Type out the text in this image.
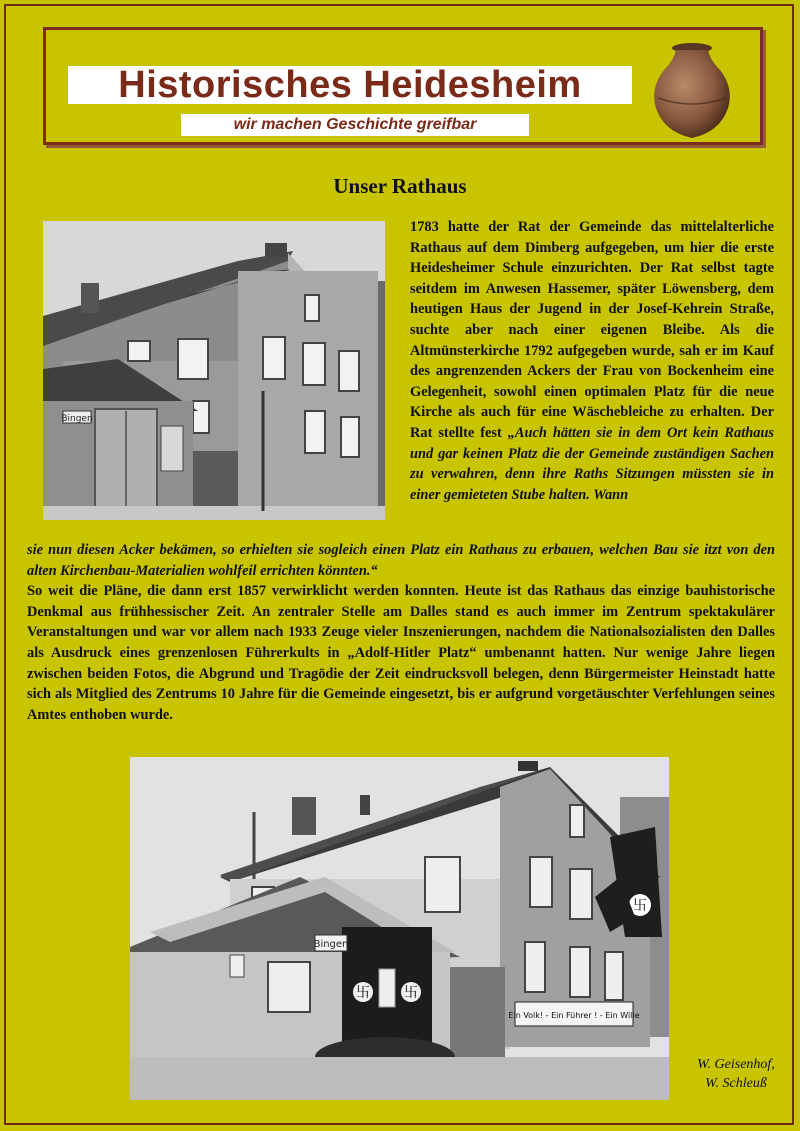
Historisches Heidesheim
wir machen Geschichte greifbar
Unser Rathaus
Bingen

1783 hatte der Rat der Gemeinde das mittelalterliche Rathaus auf dem Dimberg aufgegeben, um hier die erste Heidesheimer Schule einzurichten. Der Rat selbst tagte seitdem im Anwesen Hassemer, später Löwensberg, dem heutigen Haus der Jugend in der Josef-Kehrein Straße, suchte aber nach einer eigenen Bleibe. Als die Altmünsterkirche 1792 aufgegeben wurde, sah er im Kauf des angrenzenden Ackers der Frau von Bockenheim eine Gelegenheit, sowohl einen optimalen Platz für die neue Kirche als auch für eine Wäschebleiche zu erhalten. Der Rat stellte fest „Auch hätten sie in dem Ort kein Rathaus und gar keinen Platz die der Gemeinde zuständigen Sachen zu verwahren, denn ihre Raths Sitzungen müssten sie in einer gemieteten Stube halten. Wann

sie nun diesen Acker bekämen, so erhielten sie sogleich einen Platz ein Rathaus zu erbauen, welchen Bau sie itzt von den alten Kirchenbau-Materialien wohlfeil errichten könnten.“

So weit die Pläne, die dann erst 1857 verwirklicht werden konnten. Heute ist das Rathaus das einzige bauhistorische Denkmal aus frühhessischer Zeit. An zentraler Stelle am Dalles stand es auch immer im Zentrum spektakulärer Veranstaltungen und war vor allem nach 1933 Zeuge vieler Inszenierungen, nachdem die Nationalsozialisten den Dalles als Ausdruck eines grenzenlosen Führerkults in „Adolf-Hitler Platz“ umbenannt hatten. Nur wenige Jahre liegen zwischen beiden Fotos, die Abgrund und Tragödie der Zeit eindrucksvoll belegen, denn Bürgermeister Heinstadt hatte sich als Mitglied des Zentrums 10 Jahre für die Gemeinde eingesetzt, bis er aufgrund vorgetäuschter Verfehlungen seines Amtes enthoben wurde.

卐
卐 卐
Bingen
Ein Volk! - Ein Führer ! - Ein Wille
W. Geisenhof,
W. Schleuß
